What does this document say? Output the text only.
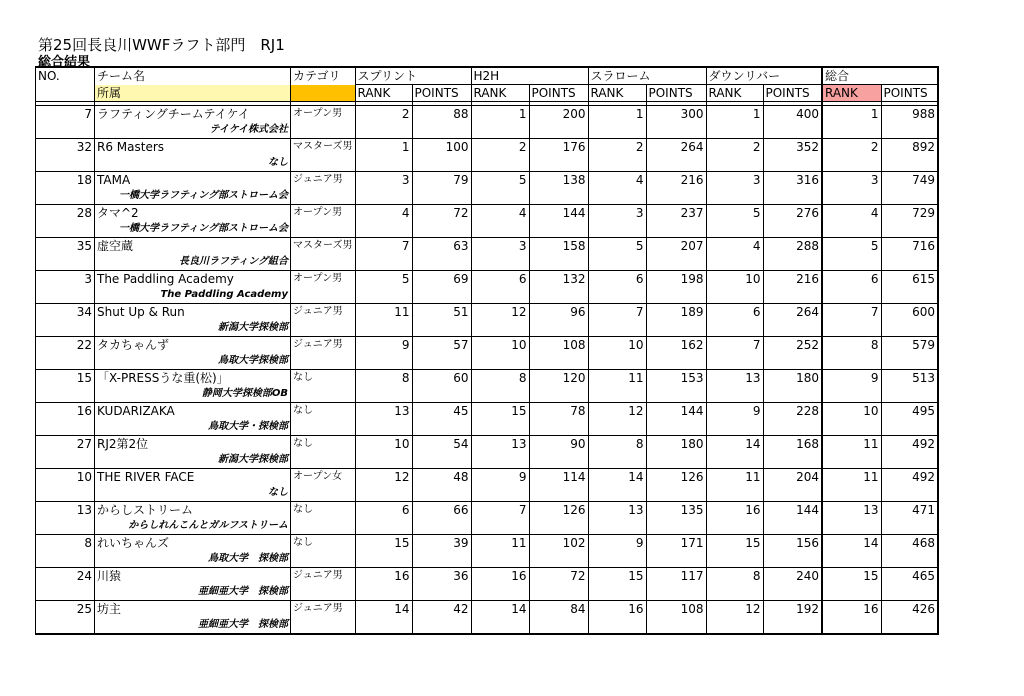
第25回長良川WWFラフト部門　RJ1
総合結果
NO.	チーム名	カテゴリ	スプリント		H2H		スラローム		ダウンリバー		総合	
	所属		RANK	POINTS	RANK	POINTS	RANK	POINTS	RANK	POINTS	RANK	POINTS

7	ラフティングチームテイケイ	オープン男	2	88	1	200	1	300	1	400	1	988
	テイケイ株式会社											
32	R6 Masters	マスターズ男	1	100	2	176	2	264	2	352	2	892
	なし											
18	TAMA	ジュニア男	3	79	5	138	4	216	3	316	3	749
	一橋大学ラフティング部ストローム会											
28	タマ^2	オープン男	4	72	4	144	3	237	5	276	4	729
	一橋大学ラフティング部ストローム会											
35	虚空蔵	マスターズ男	7	63	3	158	5	207	4	288	5	716
	長良川ラフティング組合											
3	The Paddling Academy	オープン男	5	69	6	132	6	198	10	216	6	615
	The Paddling Academy											
34	Shut Up & Run	ジュニア男	11	51	12	96	7	189	6	264	7	600
	新潟大学探検部											
22	タカちゃんず	ジュニア男	9	57	10	108	10	162	7	252	8	579
	鳥取大学探検部											
15	「X-PRESSうな重(松)」	なし	8	60	8	120	11	153	13	180	9	513
	静岡大学探検部OB											
16	KUDARIZAKA	なし	13	45	15	78	12	144	9	228	10	495
	鳥取大学・探検部											
27	RJ2第2位	なし	10	54	13	90	8	180	14	168	11	492
	新潟大学探検部											
10	THE RIVER FACE	オープン女	12	48	9	114	14	126	11	204	11	492
	なし											
13	からしストリーム	なし	6	66	7	126	13	135	16	144	13	471
	からしれんこんとガルフストリーム											
8	れいちゃんズ	なし	15	39	11	102	9	171	15	156	14	468
	鳥取大学　探検部											
24	川猿	ジュニア男	16	36	16	72	15	117	8	240	15	465
	亜細亜大学　探検部											
25	坊主	ジュニア男	14	42	14	84	16	108	12	192	16	426
	亜細亜大学　探検部											
